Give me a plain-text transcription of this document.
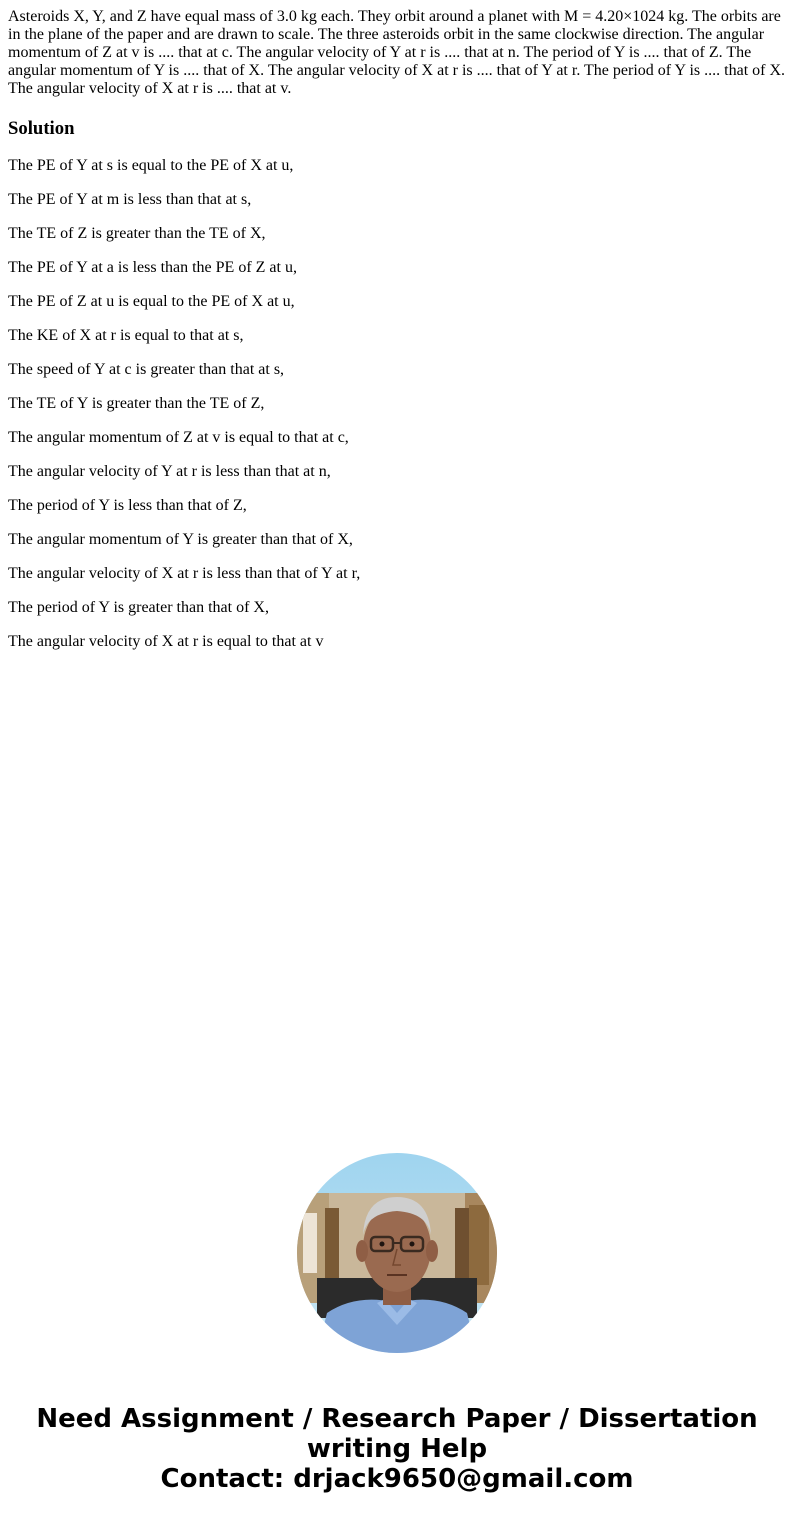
Asteroids X, Y, and Z have equal mass of 3.0 kg each. They orbit around a planet with M = 4.20×1024 kg. The orbits are in the plane of the paper and are drawn to scale. The three asteroids orbit in the same clockwise direction. The angular momentum of Z at v is .... that at c. The angular velocity of Y at r is .... that at n. The period of Y is .... that of Z. The angular momentum of Y is .... that of X. The angular velocity of X at r is .... that of Y at r. The period of Y is .... that of X. The angular velocity of X at r is .... that at v.

Solution
The PE of Y at s is equal to the PE of X at u,
The PE of Y at m is less than that at s,
The TE of Z is greater than the TE of X,
The PE of Y at a is less than the PE of Z at u,
The PE of Z at u is equal to the PE of X at u,
The KE of X at r is equal to that at s,
The speed of Y at c is greater than that at s,
The TE of Y is greater than the TE of Z,
The angular momentum of Z at v is equal to that at c,
The angular velocity of Y at r is less than that at n,
The period of Y is less than that of Z,
The angular momentum of Y is greater than that of X,
The angular velocity of X at r is less than that of Y at r,
The period of Y is greater than that of X,
The angular velocity of X at r is equal to that at v
Need Assignment / Research Paper / Dissertation
writing Help
Contact: drjack9650@gmail.com
